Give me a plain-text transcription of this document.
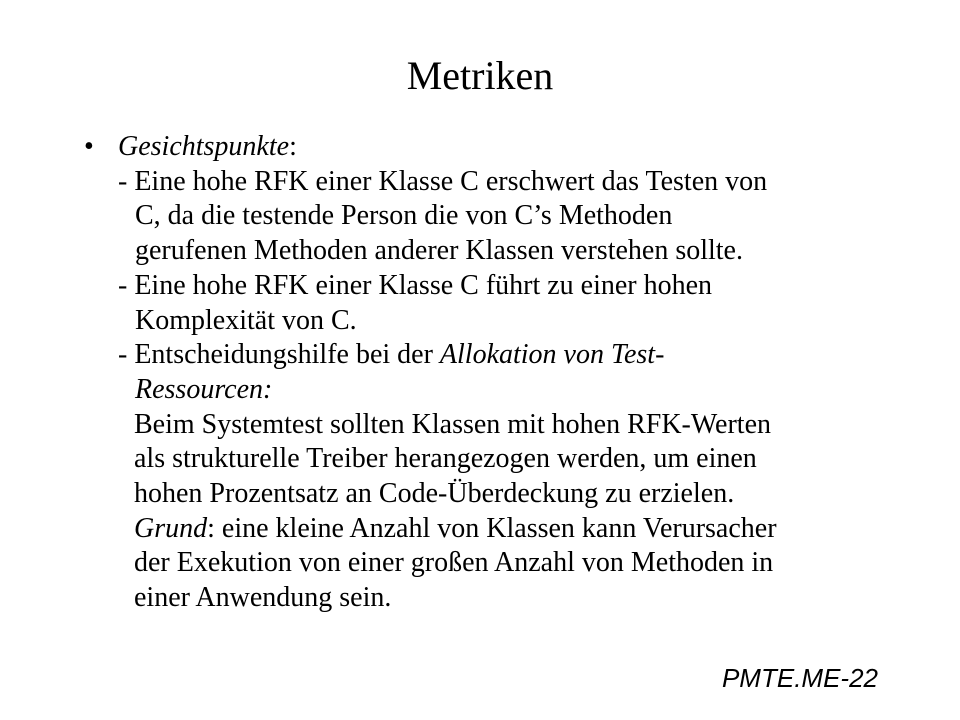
Metriken
• Gesichtspunkte:
- Eine hohe RFK einer Klasse C erschwert das Testen von
C, da die testende Person die von C’s Methoden
gerufenen Methoden anderer Klassen verstehen sollte.
- Eine hohe RFK einer Klasse C führt zu einer hohen
Komplexität von C.
- Entscheidungshilfe bei der Allokation von Test-
Ressourcen:
Beim Systemtest sollten Klassen mit hohen RFK-Werten
als strukturelle Treiber herangezogen werden, um einen
hohen Prozentsatz an Code-Überdeckung zu erzielen.
Grund: eine kleine Anzahl von Klassen kann Verursacher
der Exekution von einer großen Anzahl von Methoden in
einer Anwendung sein.
PMTE.ME-22
